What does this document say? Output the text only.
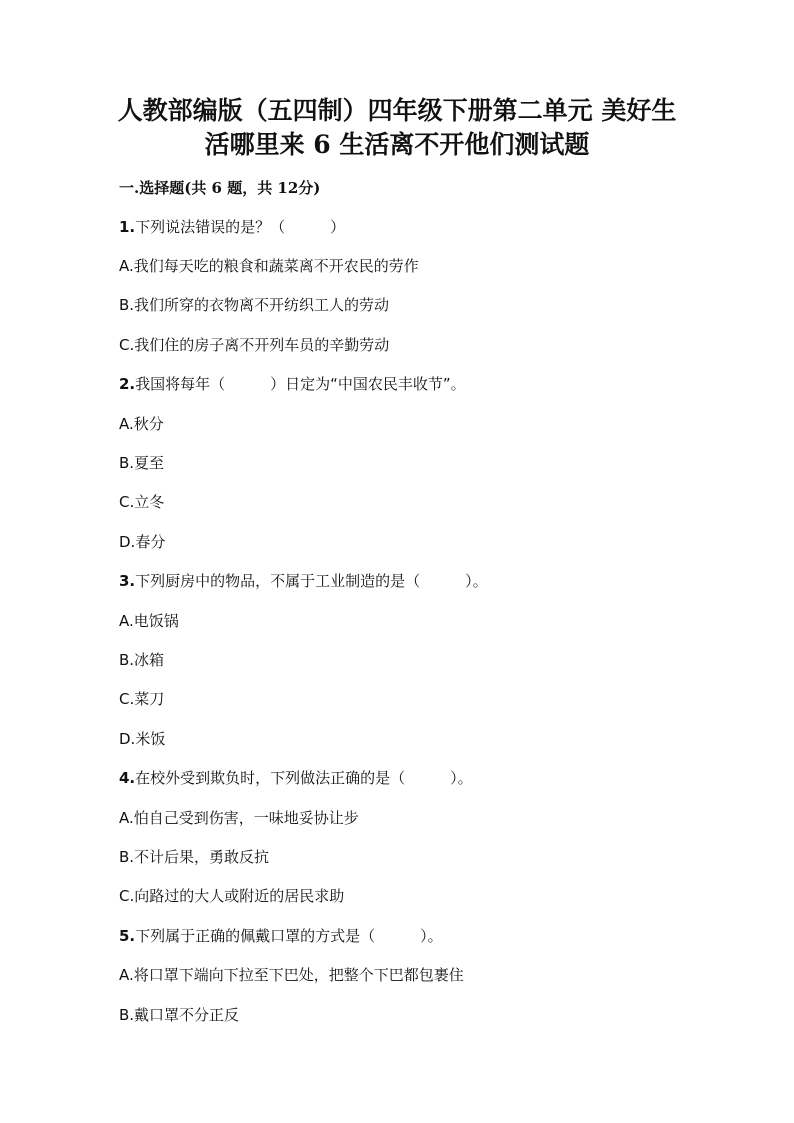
人教部编版（五四制）四年级下册第二单元 美好生
活哪里来 6 生活离不开他们测试题
一.选择题(共 6 题，共 12分)
1.下列说法错误的是？（　　　）
A.我们每天吃的粮食和蔬菜离不开农民的劳作
B.我们所穿的衣物离不开纺织工人的劳动
C.我们住的房子离不开列车员的辛勤劳动
2.我国将每年（　　　）日定为“中国农民丰收节”。
A.秋分
B.夏至
C.立冬
D.春分
3.下列厨房中的物品，不属于工业制造的是（　　　）。
A.电饭锅
B.冰箱
C.菜刀
D.米饭
4.在校外受到欺负时，下列做法正确的是（　　　）。
A.怕自己受到伤害，一味地妥协让步
B.不计后果，勇敢反抗
C.向路过的大人或附近的居民求助
5.下列属于正确的佩戴口罩的方式是（　　　）。
A.将口罩下端向下拉至下巴处，把整个下巴都包裹住
B.戴口罩不分正反
